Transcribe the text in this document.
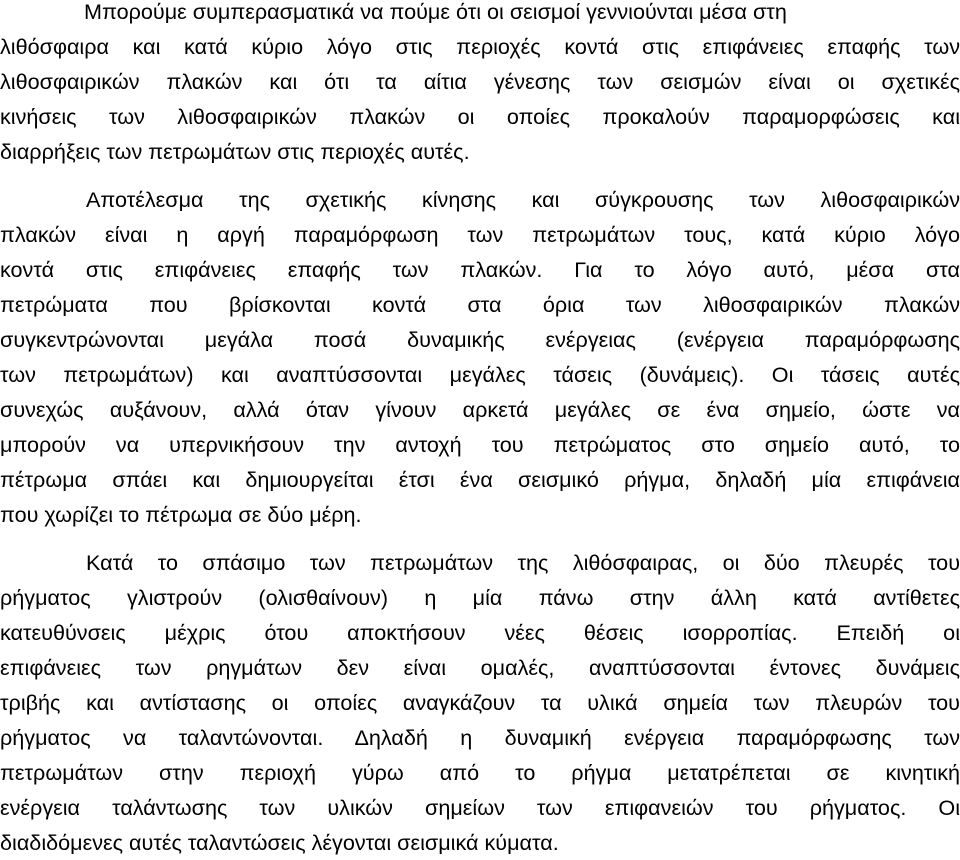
Μπορούμε συμπερασματικά να πούμε ότι οι σεισμοί γεννιούνται μέσα στη
λιθόσφαιρα και κατά κύριο λόγο στις περιοχές κοντά στις επιφάνειες επαφής των
λιθοσφαιρικών πλακών και ότι τα αίτια γένεσης των σεισμών είναι οι σχετικές
κινήσεις των λιθοσφαιρικών πλακών οι οποίες προκαλούν παραμορφώσεις και
διαρρήξεις των πετρωμάτων στις περιοχές αυτές.
Αποτέλεσμα της σχετικής κίνησης και σύγκρουσης των λιθοσφαιρικών
πλακών είναι η αργή παραμόρφωση των πετρωμάτων τους, κατά κύριο λόγο
κοντά στις επιφάνειες επαφής των πλακών. Για το λόγο αυτό, μέσα στα
πετρώματα που βρίσκονται κοντά στα όρια των λιθοσφαιρικών πλακών
συγκεντρώνονται μεγάλα ποσά δυναμικής ενέργειας (ενέργεια παραμόρφωσης
των πετρωμάτων) και αναπτύσσονται μεγάλες τάσεις (δυνάμεις). Οι τάσεις αυτές
συνεχώς αυξάνουν, αλλά όταν γίνουν αρκετά μεγάλες σε ένα σημείο, ώστε να
μπορούν να υπερνικήσουν την αντοχή του πετρώματος στο σημείο αυτό, το
πέτρωμα σπάει και δημιουργείται έτσι ένα σεισμικό ρήγμα, δηλαδή μία επιφάνεια
που χωρίζει το πέτρωμα σε δύο μέρη.
Κατά το σπάσιμο των πετρωμάτων της λιθόσφαιρας, οι δύο πλευρές του
ρήγματος γλιστρούν (ολισθαίνουν) η μία πάνω στην άλλη κατά αντίθετες
κατευθύνσεις μέχρις ότου αποκτήσουν νέες θέσεις ισορροπίας. Επειδή οι
επιφάνειες των ρηγμάτων δεν είναι ομαλές, αναπτύσσονται έντονες δυνάμεις
τριβής και αντίστασης οι οποίες αναγκάζουν τα υλικά σημεία των πλευρών του
ρήγματος να ταλαντώνονται. Δηλαδή η δυναμική ενέργεια παραμόρφωσης των
πετρωμάτων στην περιοχή γύρω από το ρήγμα μετατρέπεται σε κινητική
ενέργεια ταλάντωσης των υλικών σημείων των επιφανειών του ρήγματος. Οι
διαδιδόμενες αυτές ταλαντώσεις λέγονται σεισμικά κύματα.
